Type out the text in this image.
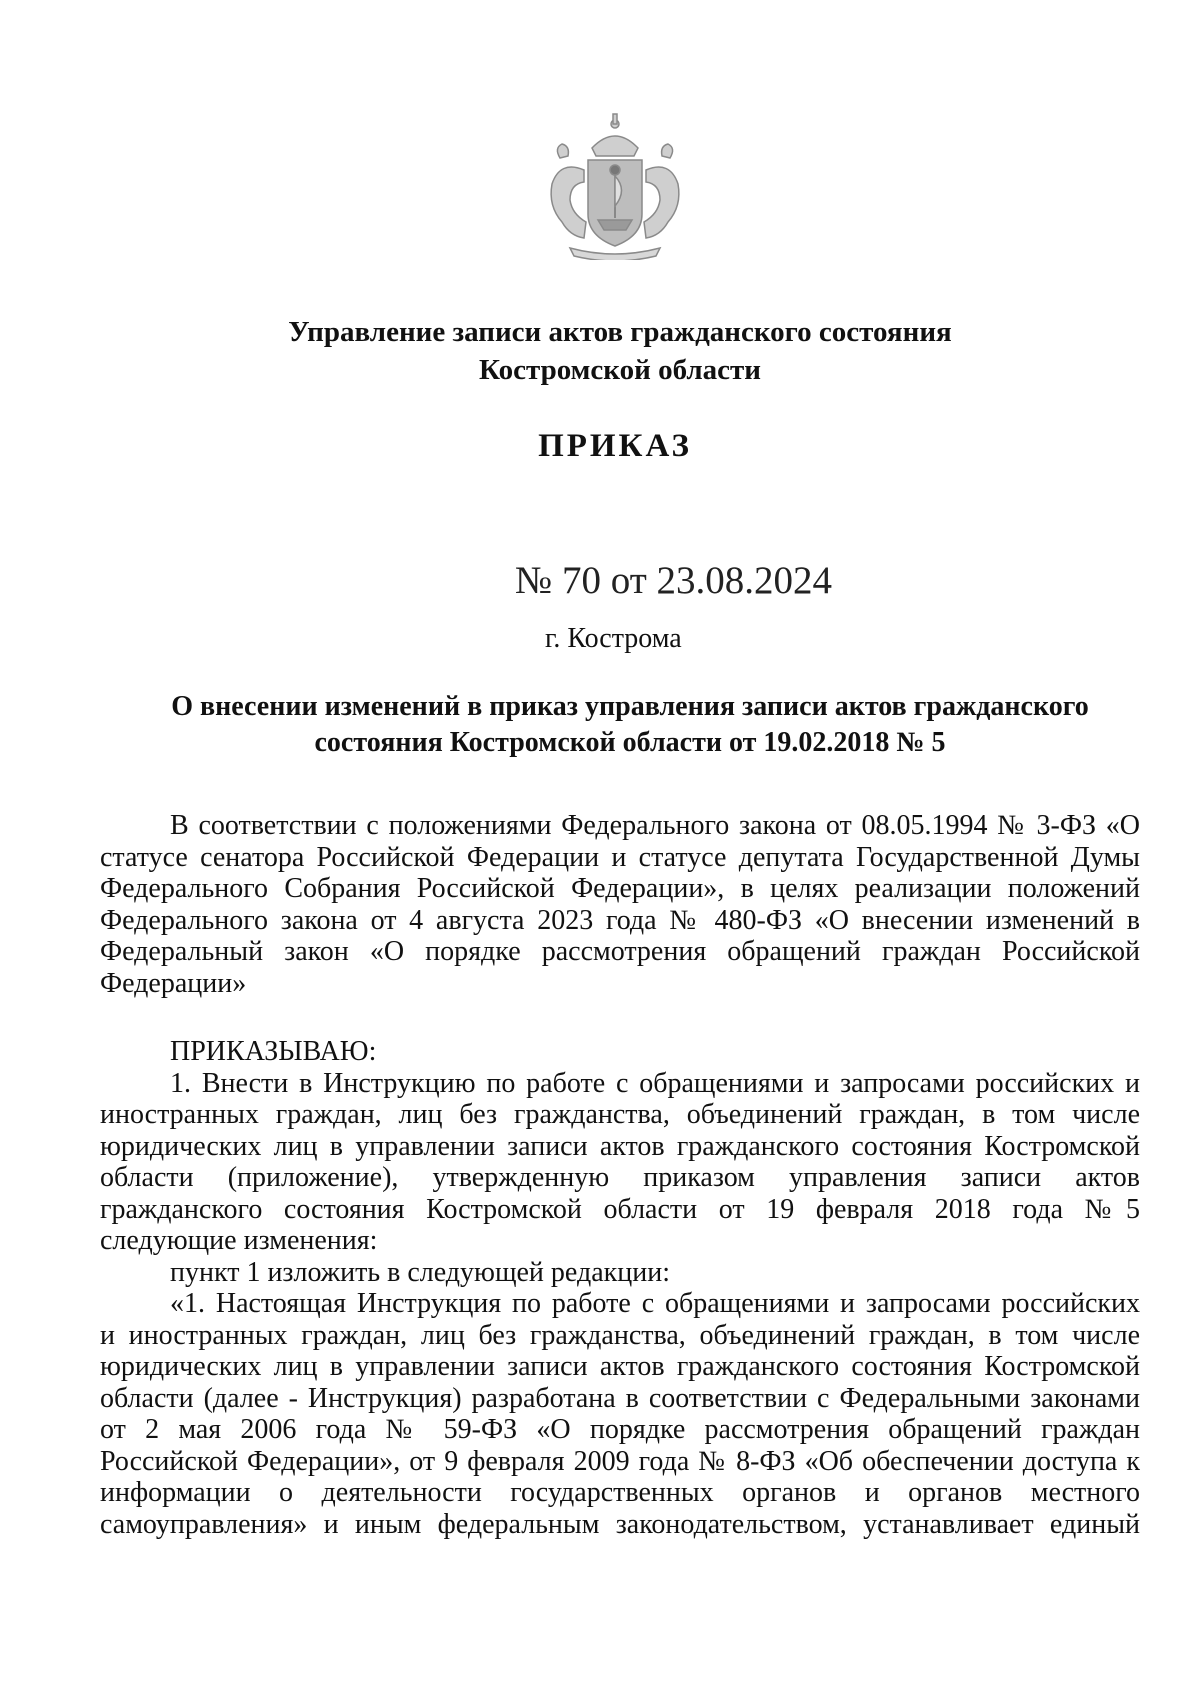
Управление записи актов гражданского состояния
Костромской области
ПРИКАЗ
№ 70 от 23.08.2024
г. Кострома
О внесении изменений в приказ управления записи актов гражданского
состояния Костромской области от 19.02.2018 № 5
В соответствии с положениями Федерального закона от 08.05.1994 № 3-ФЗ «О
статусе сенатора Российской Федерации и статусе депутата Государственной Думы
Федерального Собрания Российской Федерации», в целях реализации положений
Федерального закона от 4 августа 2023 года № 480-ФЗ «О внесении изменений в
Федеральный закон «О порядке рассмотрения обращений граждан Российской
Федерации»
ПРИКАЗЫВАЮ:
1. Внести в Инструкцию по работе с обращениями и запросами российских и
иностранных граждан, лиц без гражданства, объединений граждан, в том числе
юридических лиц в управлении записи актов гражданского состояния Костромской
области (приложение), утвержденную приказом управления записи актов
гражданского состояния Костромской области от 19 февраля 2018 года №5
следующие изменения:
пункт 1 изложить в следующей редакции:
«1. Настоящая Инструкция по работе с обращениями и запросами российских
и иностранных граждан, лиц без гражданства, объединений граждан, в том числе
юридических лиц в управлении записи актов гражданского состояния Костромской
области (далее - Инструкция) разработана в соответствии с Федеральными законами
от 2 мая 2006 года № 59-ФЗ «О порядке рассмотрения обращений граждан
Российской Федерации», от 9 февраля 2009 года № 8-ФЗ «Об обеспечении доступа к
информации о деятельности государственных органов и органов местного
самоуправления» и иным федеральным законодательством, устанавливает единый
